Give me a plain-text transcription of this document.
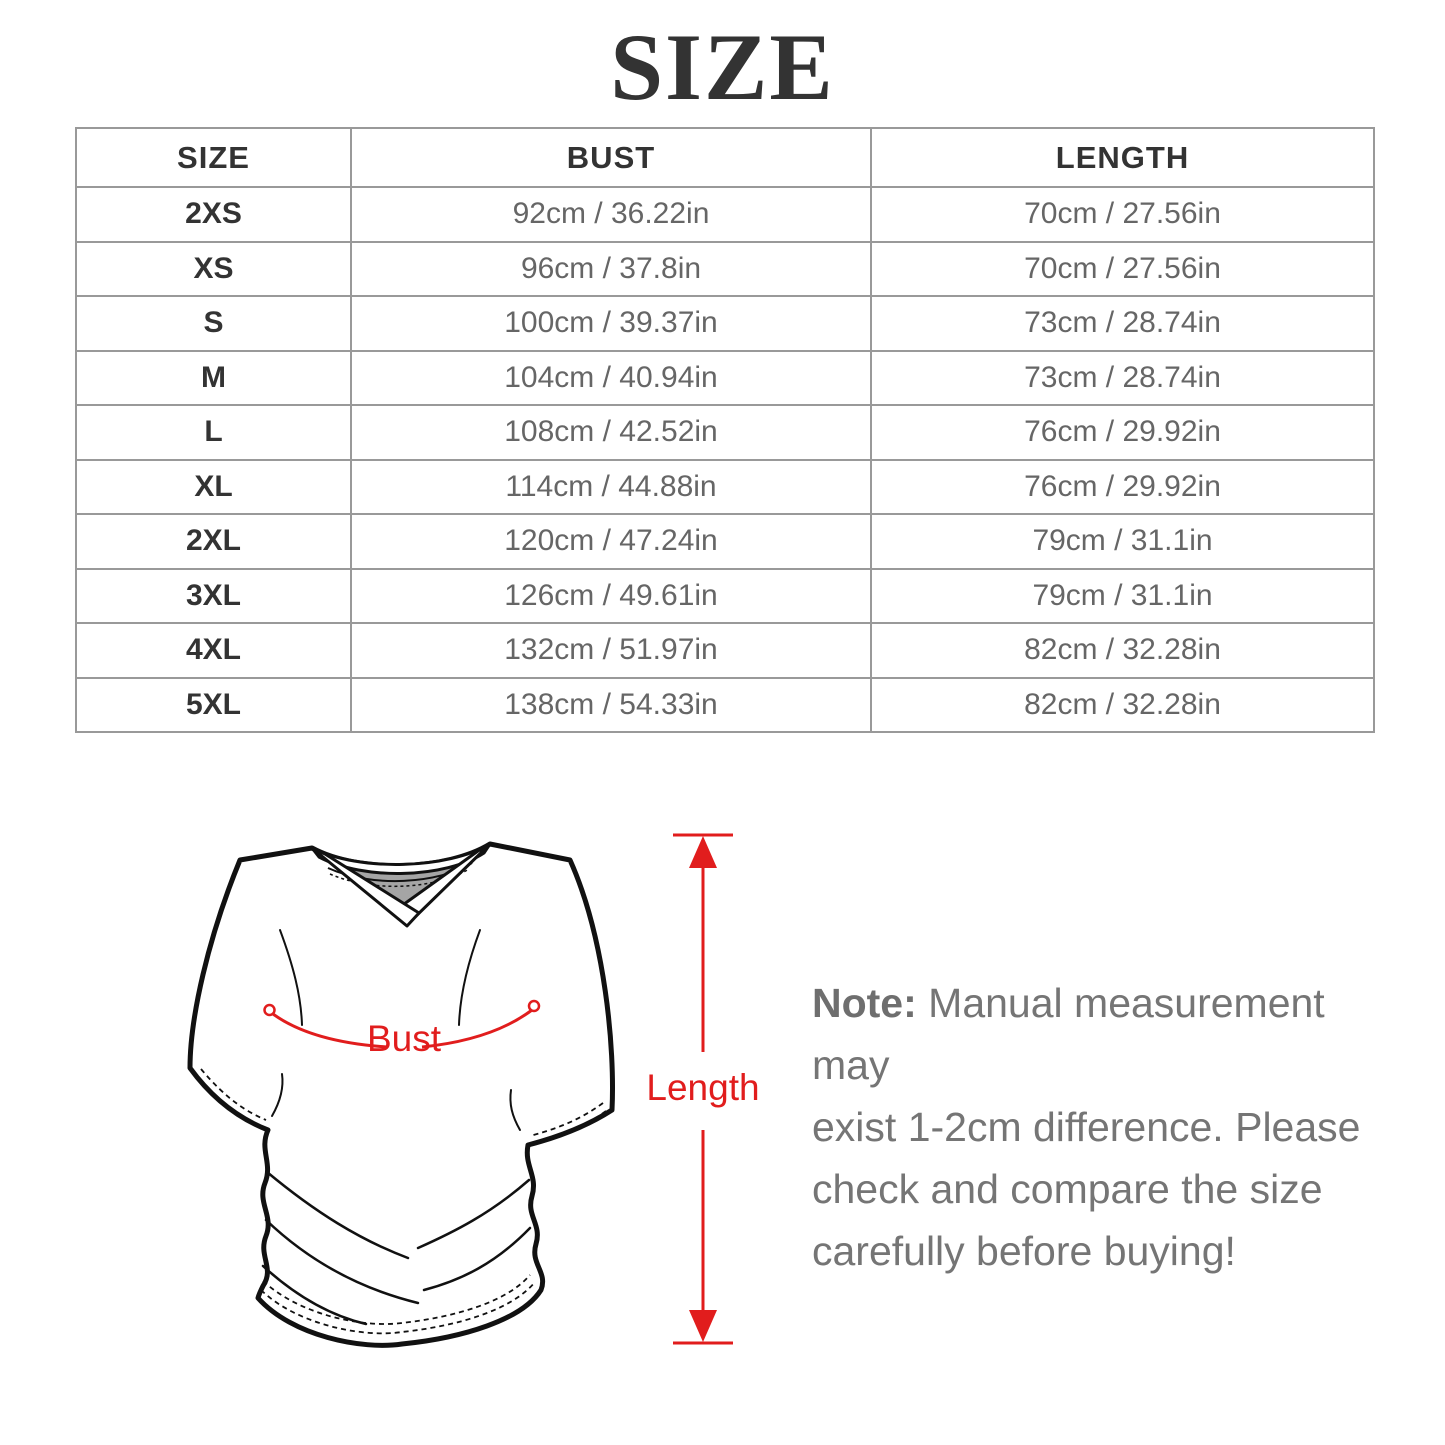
SIZE
SIZE	BUST	LENGTH
2XS	92cm / 36.22in	70cm / 27.56in
XS	96cm / 37.8in	70cm / 27.56in
S	100cm / 39.37in	73cm / 28.74in
M	104cm / 40.94in	73cm / 28.74in
L	108cm / 42.52in	76cm / 29.92in
XL	114cm / 44.88in	76cm / 29.92in
2XL	120cm / 47.24in	79cm / 31.1in
3XL	126cm / 49.61in	79cm / 31.1in
4XL	132cm / 51.97in	82cm / 32.28in
5XL	138cm / 54.33in	82cm / 32.28in
Bust
Length
Note: Manual measurement may
exist 1-2cm difference. Please
check and compare the size
carefully before buying!
